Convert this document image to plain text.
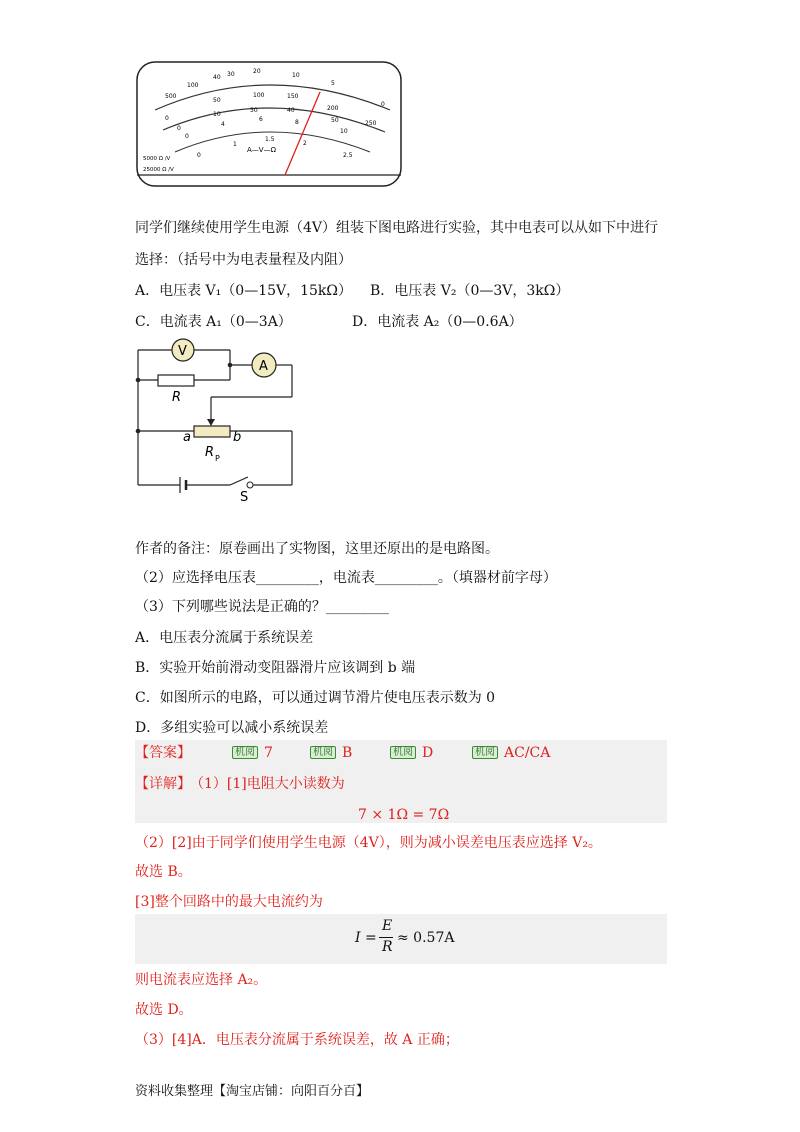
500
100
40 30	20
10
5
0
0
50
100	150
200
250
0
10
30	40
50
0
4
6	8
10
0
1
1.5
2
2.5
A—V—Ω
5000 Ω /V
25000 Ω /V
同学们继续使用学生电源（4V）组装下图电路进行实验，其中电表可以从如下中进行
选择：（括号中为电表量程及内阻）
A．电压表 V₁（0—15V，15kΩ） B．电压表 V₂（0—3V，3kΩ）
C．电流表 A₁（0—3A）	D．电流表 A₂（0—0.6A）
V
A
R
a	b
R P
S
作者的备注：原卷画出了实物图，这里还原出的是电路图。
（2）应选择电压表_________，电流表_________。（填器材前字母）
（3）下列哪些说法是正确的？_________
A．电压表分流属于系统误差
B．实验开始前滑动变阻器滑片应该调到 b 端
C．如图所示的电路，可以通过调节滑片使电压表示数为 0
D．多组实验可以减小系统误差
【答案】	机阅 7	机阅 B	机阅 D	机阅 AC/CA
【详解】 （1）[1]电阻大小读数为
7 × 1Ω = 7Ω
（2）[2]由于同学们使用学生电源（4V），则为减小误差电压表应选择 V₂。
故选 B。
[3]整个回路中的最大电流约为
I =
E
R
≈ 0.57A
则电流表应选择 A₂。
故选 D。
（3）[4]A．电压表分流属于系统误差，故 A 正确；
资料收集整理【淘宝店铺：向阳百分百】
